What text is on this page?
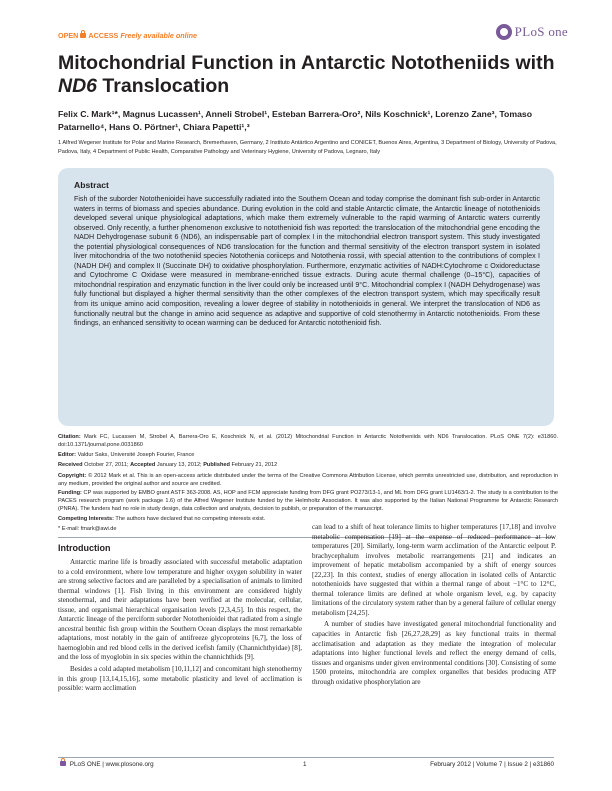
OPEN ACCESS Freely available online	PLoS one
Mitochondrial Function in Antarctic Nototheniids with
ND6 Translocation
Felix C. Mark¹*, Magnus Lucassen¹, Anneli Strobel¹, Esteban Barrera-Oro², Nils Koschnick¹, Lorenzo Zane³, Tomaso Patarnello⁴, Hans O. Pörtner¹, Chiara Papetti¹,³
1 Alfred Wegener Institute for Polar and Marine Research, Bremerhaven, Germany, 2 Instituto Antártico Argentino and CONICET, Buenos Aires, Argentina, 3 Department of Biology, University of Padova, Padova, Italy, 4 Department of Public Health, Comparative Pathology and Veterinary Hygiene, University of Padova, Legnaro, Italy
Abstract
Fish of the suborder Notothenioidei have successfully radiated into the Southern Ocean and today comprise the dominant fish sub-order in Antarctic waters in terms of biomass and species abundance. During evolution in the cold and stable Antarctic climate, the Antarctic lineage of notothenioids developed several unique physiological adaptations, which make them extremely vulnerable to the rapid warming of Antarctic waters currently observed. Only recently, a further phenomenon exclusive to notothenioid fish was reported: the translocation of the mitochondrial gene encoding the NADH Dehydrogenase subunit 6 (ND6), an indispensable part of complex I in the mitochondrial electron transport system. This study investigated the potential physiological consequences of ND6 translocation for the function and thermal sensitivity of the electron transport system in isolated liver mitochondria of the two nototheniid species Notothenia coriiceps and Notothenia rossii, with special attention to the contributions of complex I (NADH DH) and complex II (Succinate DH) to oxidative phosphorylation. Furthermore, enzymatic activities of NADH:Cytochrome c Oxidoreductase and Cytochrome C Oxidase were measured in membrane-enriched tissue extracts. During acute thermal challenge (0–15°C), capacities of mitochondrial respiration and enzymatic function in the liver could only be increased until 9°C. Mitochondrial complex I (NADH Dehydrogenase) was fully functional but displayed a higher thermal sensitivity than the other complexes of the electron transport system, which may specifically result from its unique amino acid composition, revealing a lower degree of stability in notothenioids in general. We interpret the translocation of ND6 as functionally neutral but the change in amino acid sequence as adaptive and supportive of cold stenothermy in Antarctic notothenioids. From these findings, an enhanced sensitivity to ocean warming can be deduced for Antarctic notothenioid fish.
Citation: Mark FC, Lucassen M, Strobel A, Barrera-Oro E, Koschnick N, et al. (2012) Mitochondrial Function in Antarctic Nototheniids with ND6 Translocation. PLoS ONE 7(2): e31860. doi:10.1371/journal.pone.0031860
Editor: Valdur Saks, Université Joseph Fourier, France
Received October 27, 2011; Accepted January 13, 2012; Published February 21, 2012
Copyright: © 2012 Mark et al. This is an open-access article distributed under the terms of the Creative Commons Attribution License, which permits unrestricted use, distribution, and reproduction in any medium, provided the original author and source are credited.
Funding: CP was supported by EMBO grant ASTF 363-2008. AS, HOP and FCM appreciate funding from DFG grant PO273/13-1, and ML from DFG grant LU1463/1-2. The study is a contribution to the PACES research program (work package 1.6) of the Alfred Wegener Institute funded by the Helmholtz Association. It was also supported by the Italian National Programme for Antarctic Research (PNRA). The funders had no role in study design, data collection and analysis, decision to publish, or preparation of the manuscript.
Competing Interests: The authors have declared that no competing interests exist.
* E-mail: fmark@awi.de
Introduction

Antarctic marine life is broadly associated with successful metabolic adaptation to a cold environment, where low temperature and higher oxygen solubility in water are strong selective factors and are paralleled by a specialisation of animals to limited thermal windows [1]. Fish living in this environment are considered highly stenothermal, and their adaptations have been verified at the molecular, cellular, tissue, and organismal hierarchical organisation levels [2,3,4,5]. In this respect, the Antarctic lineage of the perciform suborder Notothenioidei that radiated from a single ancestral benthic fish group within the Southern Ocean displays the most remarkable adaptations, most notably in the gain of antifreeze glycoproteins [6,7], the loss of haemoglobin and red blood cells in the derived icefish family (Channichthyidae) [8], and the loss of myoglobin in six species within the channichthids [9].

Besides a cold adapted metabolism [10,11,12] and concomitant high stenothermy in this group [13,14,15,16], some metabolic plasticity and level of acclimation is possible: warm acclimation

can lead to a shift of heat tolerance limits to higher temperatures [17,18] and involve metabolic compensation [19] at the expense of reduced performance at low temperatures [20]. Similarly, long-term warm acclimation of the Antarctic eelpout P. brachycephalum involves metabolic rearrangements [21] and indicates an improvement of hepatic metabolism accompanied by a shift of energy sources [22,23]. In this context, studies of energy allocation in isolated cells of Antarctic notothenioids have suggested that within a thermal range of about −1°C to 12°C, thermal tolerance limits are defined at whole organism level, e.g. by capacity limitations of the circulatory system rather than by a general failure of cellular energy metabolism [24,25].

A number of studies have investigated general mitochondrial functionality and capacities in Antarctic fish [26,27,28,29] as key functional traits in thermal acclimatisation and adaptation as they mediate the integration of molecular adaptations into higher functional levels and reflect the energy demand of cells, tissues and organisms under given environmental conditions [30]. Consisting of some 1500 proteins, mitochondria are complex organelles that besides producing ATP through oxidative phosphorylation are

PLoS ONE | www.plosone.org	1	February 2012 | Volume 7 | Issue 2 | e31860
